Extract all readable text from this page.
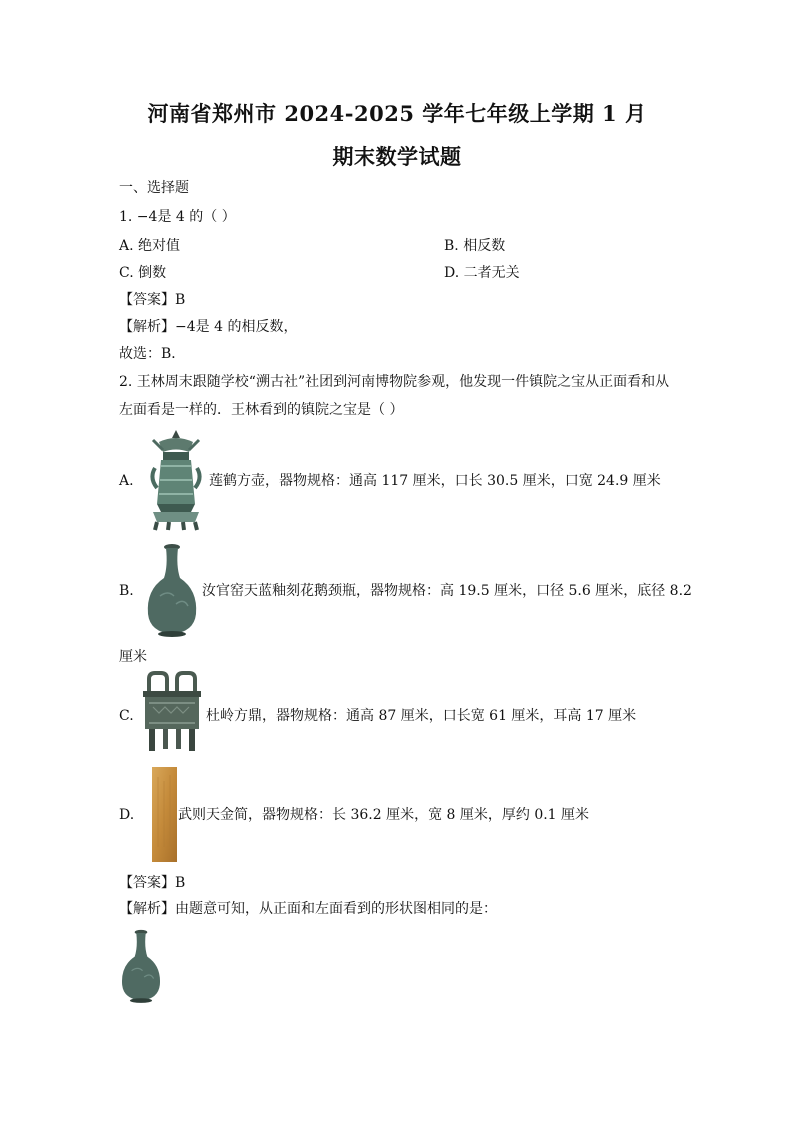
河南省郑州市 2024-2025 学年七年级上学期 1 月
期末数学试题
一、选择题
1. −4是 4 的（ ）
A. 绝对值	B. 相反数
C. 倒数	D. 二者无关
【答案】B
【解析】−4是 4 的相反数，
故选：B．
2. 王林周末跟随学校“溯古社”社团到河南博物院参观，他发现一件镇院之宝从正面看和从
左面看是一样的．王林看到的镇院之宝是（ ）
A.	莲鹤方壶，器物规格：通高 117 厘米，口长 30.5 厘米，口宽 24.9 厘米
B.	汝官窑天蓝釉刻花鹅颈瓶，器物规格：高 19.5 厘米，口径 5.6 厘米，底径 8.2
厘米
C.	杜岭方鼎，器物规格：通高 87 厘米，口长宽 61 厘米，耳高 17 厘米
D.	武则天金简，器物规格：长 36.2 厘米，宽 8 厘米，厚约 0.1 厘米
【答案】B
【解析】由题意可知，从正面和左面看到的形状图相同的是：
